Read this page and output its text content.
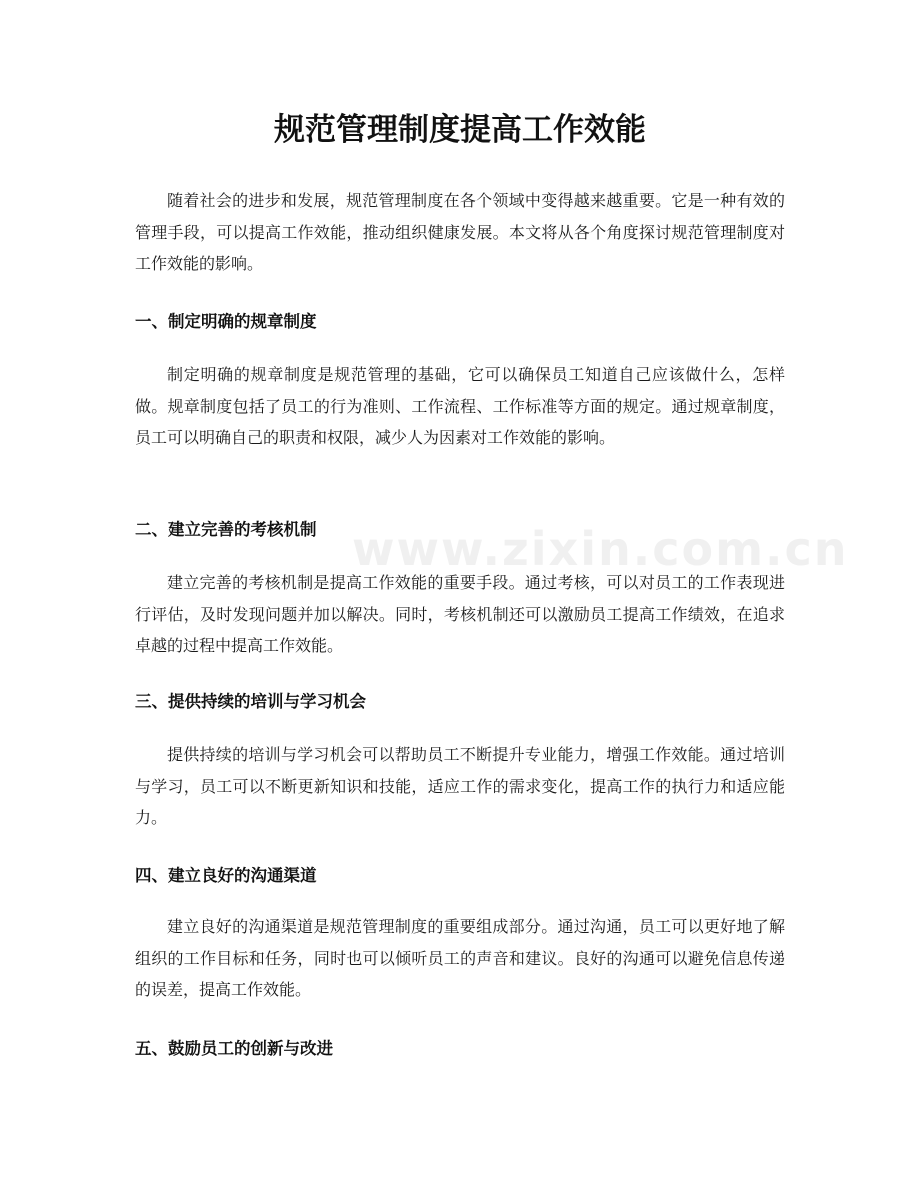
www.zixin.com.cn
规范管理制度提高工作效能

随着社会的进步和发展，规范管理制度在各个领域中变得越来越重要。它是一种有效的管理手段，可以提高工作效能，推动组织健康发展。本文将从各个角度探讨规范管理制度对工作效能的影响。

一、制定明确的规章制度

制定明确的规章制度是规范管理的基础，它可以确保员工知道自己应该做什么，怎样做。规章制度包括了员工的行为准则、工作流程、工作标准等方面的规定。通过规章制度，员工可以明确自己的职责和权限，减少人为因素对工作效能的影响。

二、建立完善的考核机制

建立完善的考核机制是提高工作效能的重要手段。通过考核，可以对员工的工作表现进行评估，及时发现问题并加以解决。同时，考核机制还可以激励员工提高工作绩效，在追求卓越的过程中提高工作效能。

三、提供持续的培训与学习机会

提供持续的培训与学习机会可以帮助员工不断提升专业能力，增强工作效能。通过培训与学习，员工可以不断更新知识和技能，适应工作的需求变化，提高工作的执行力和适应能力。

四、建立良好的沟通渠道

建立良好的沟通渠道是规范管理制度的重要组成部分。通过沟通，员工可以更好地了解组织的工作目标和任务，同时也可以倾听员工的声音和建议。良好的沟通可以避免信息传递的误差，提高工作效能。

五、鼓励员工的创新与改进
